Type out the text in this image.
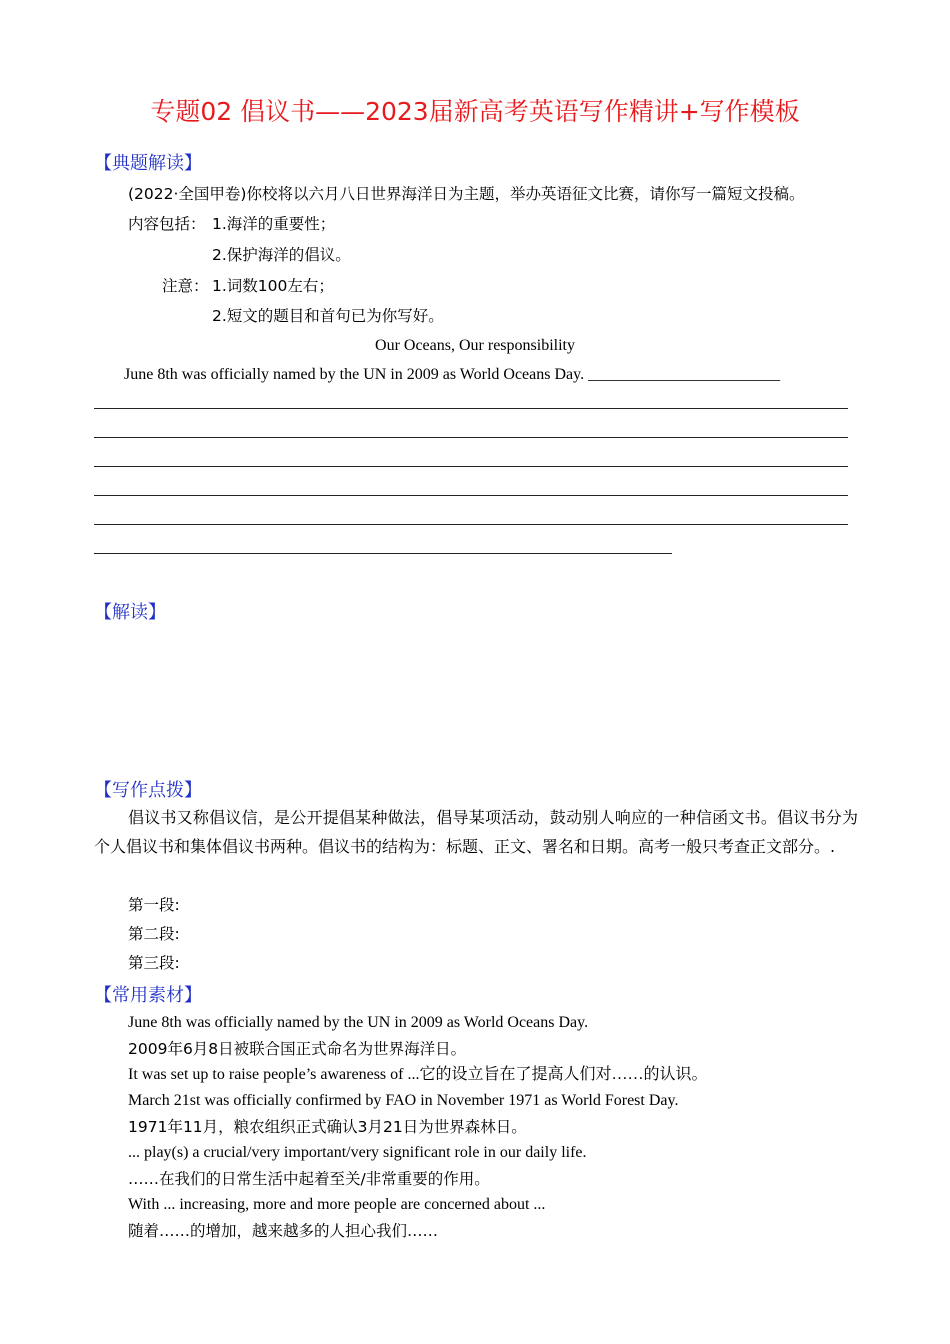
专题02 倡议书——2023届新高考英语写作精讲+写作模板
【典题解读】
(2022·全国甲卷)你校将以六月八日世界海洋日为主题，举办英语征文比赛，请你写一篇短文投稿。
内容包括： 1.海洋的重要性；
2.保护海洋的倡议。
注意： 1.词数100左右；
2.短文的题目和首句已为你写好。
Our Oceans, Our responsibility
June 8th was officially named by the UN in 2009 as World Oceans Day. ________________________
【解读】
【写作点拨】
倡议书又称倡议信，是公开提倡某种做法，倡导某项活动，鼓动别人响应的一种信函文书。倡议书分为个人倡议书和集体倡议书两种。倡议书的结构为：标题、正文、署名和日期。高考一般只考查正文部分。.
第一段:
第二段:
第三段:
【常用素材】
June 8th was officially named by the UN in 2009 as World Oceans Day.
2009年6月8日被联合国正式命名为世界海洋日。
It was set up to raise people’s awareness of ...它的设立旨在了提高人们对……的认识。
March 21st was officially confirmed by FAO in November 1971 as World Forest Day.
1971年11月，粮农组织正式确认3月21日为世界森林日。
... play(s) a crucial/very important/very significant role in our daily life.
……在我们的日常生活中起着至关/非常重要的作用。
With ... increasing, more and more people are concerned about ...
随着……的增加，越来越多的人担心我们……
